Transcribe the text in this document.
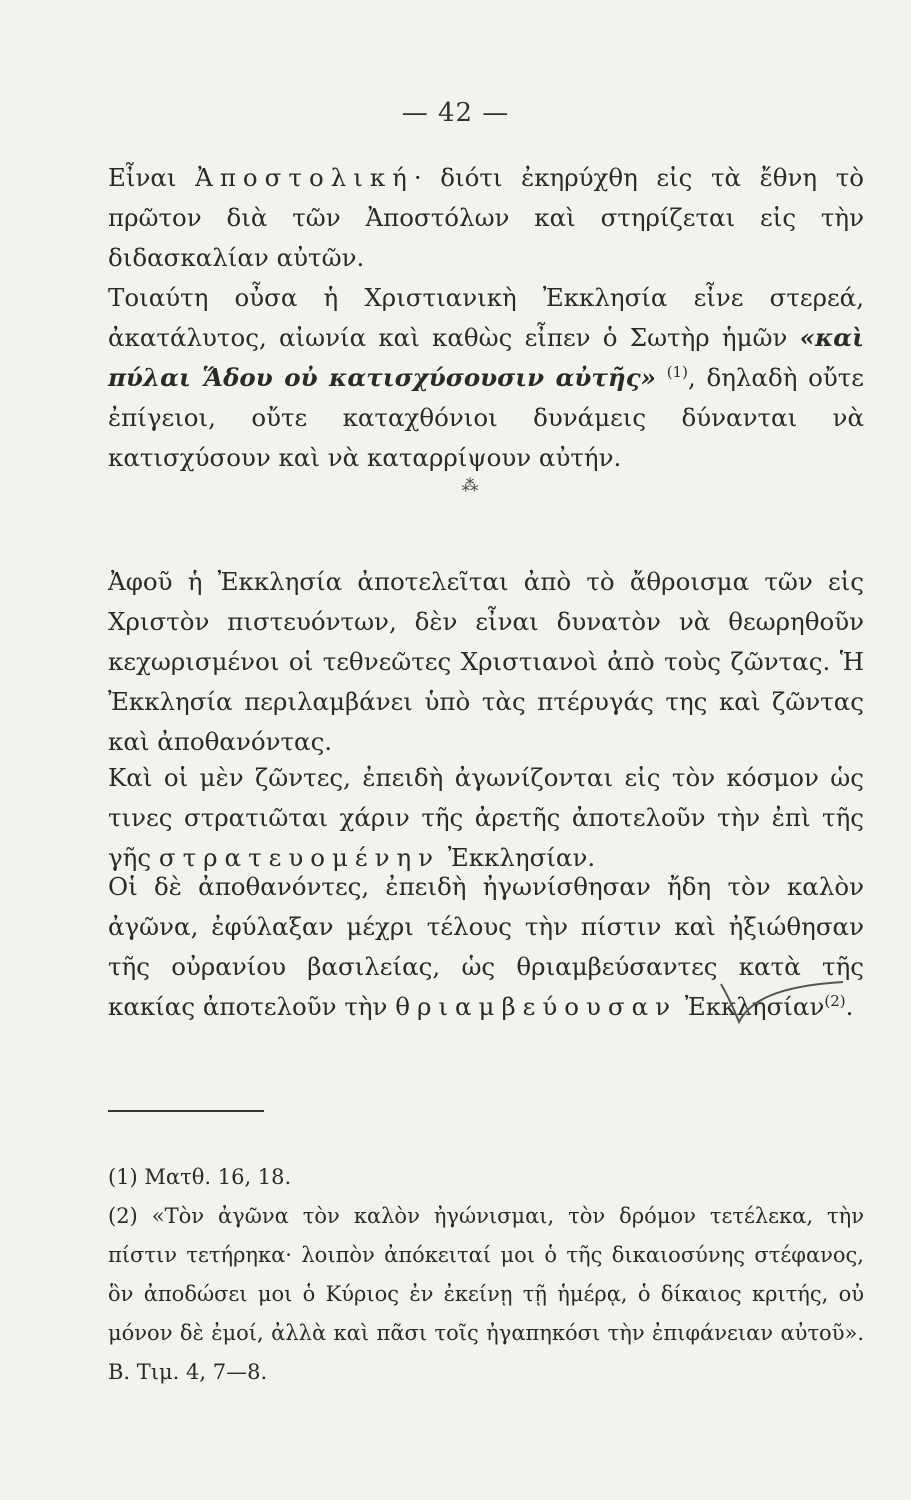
— 42 —

Εἶναι Ἀποστολική· διότι ἐκηρύχθη εἰς τὰ ἔθνη τὸ πρῶτον διὰ τῶν Ἀποστόλων καὶ στηρίζεται εἰς τὴν διδασκαλίαν αὐτῶν.

Τοιαύτη οὖσα ἡ Χριστιανικὴ Ἐκκλησία εἶνε στερεά, ἀκατάλυτος, αἰωνία καὶ καθὼς εἶπεν ὁ Σωτὴρ ἡμῶν «καὶ πύλαι Ἅδου οὐ κατισχύσουσιν αὐτῆς» $^{(1)}$, δηλαδὴ οὔτε ἐπίγειοι, οὔτε καταχθόνιοι δυνάμεις δύνανται νὰ κατισχύσουν καὶ νὰ καταρρίψουν αὐτήν.

⁂

Ἀφοῦ ἡ Ἐκκλησία ἀποτελεῖται ἀπὸ τὸ ἄθροισμα τῶν εἰς Χριστὸν πιστευόντων, δὲν εἶναι δυνατὸν νὰ θεωρηθοῦν κεχωρισμένοι οἱ τεθνεῶτες Χριστιανοὶ ἀπὸ τοὺς ζῶντας. Ἡ Ἐκκλησία περιλαμβάνει ὑπὸ τὰς πτέρυγάς της καὶ ζῶντας καὶ ἀποθανόντας.

Καὶ οἱ μὲν ζῶντες, ἐπειδὴ ἀγωνίζονται εἰς τὸν κόσμον ὡς τινες στρατιῶται χάριν τῆς ἀρετῆς ἀποτελοῦν τὴν ἐπὶ τῆς γῆς στρατευομένην Ἐκκλησίαν.

Οἱ δὲ ἀποθανόντες, ἐπειδὴ ἠγωνίσθησαν ἤδη τὸν καλὸν ἀγῶνα, ἐφύλαξαν μέχρι τέλους τὴν πίστιν καὶ ἠξιώθησαν τῆς οὐρανίου βασιλείας, ὡς θριαμβεύσαντες κατὰ τῆς κακίας ἀποτελοῦν τὴν θριαμβεύουσαν Ἐκκλησίαν$^{(2)}$.

(1) Ματθ. 16, 18.

(2) «Τὸν ἀγῶνα τὸν καλὸν ἠγώνισμαι, τὸν δρόμον τετέλεκα, τὴν πίστιν τετήρηκα· λοιπὸν ἀπόκειταί μοι ὁ τῆς δικαιοσύνης στέφανος, ὃν ἀποδώσει μοι ὁ Κύριος ἐν ἐκείνῃ τῇ ἡμέρᾳ, ὁ δίκαιος κριτής, οὐ μόνον δὲ ἐμοί, ἀλλὰ καὶ πᾶσι τοῖς ἠγαπηκόσι τὴν ἐπιφάνειαν αὐτοῦ». Β. Τιμ. 4, 7—8.
